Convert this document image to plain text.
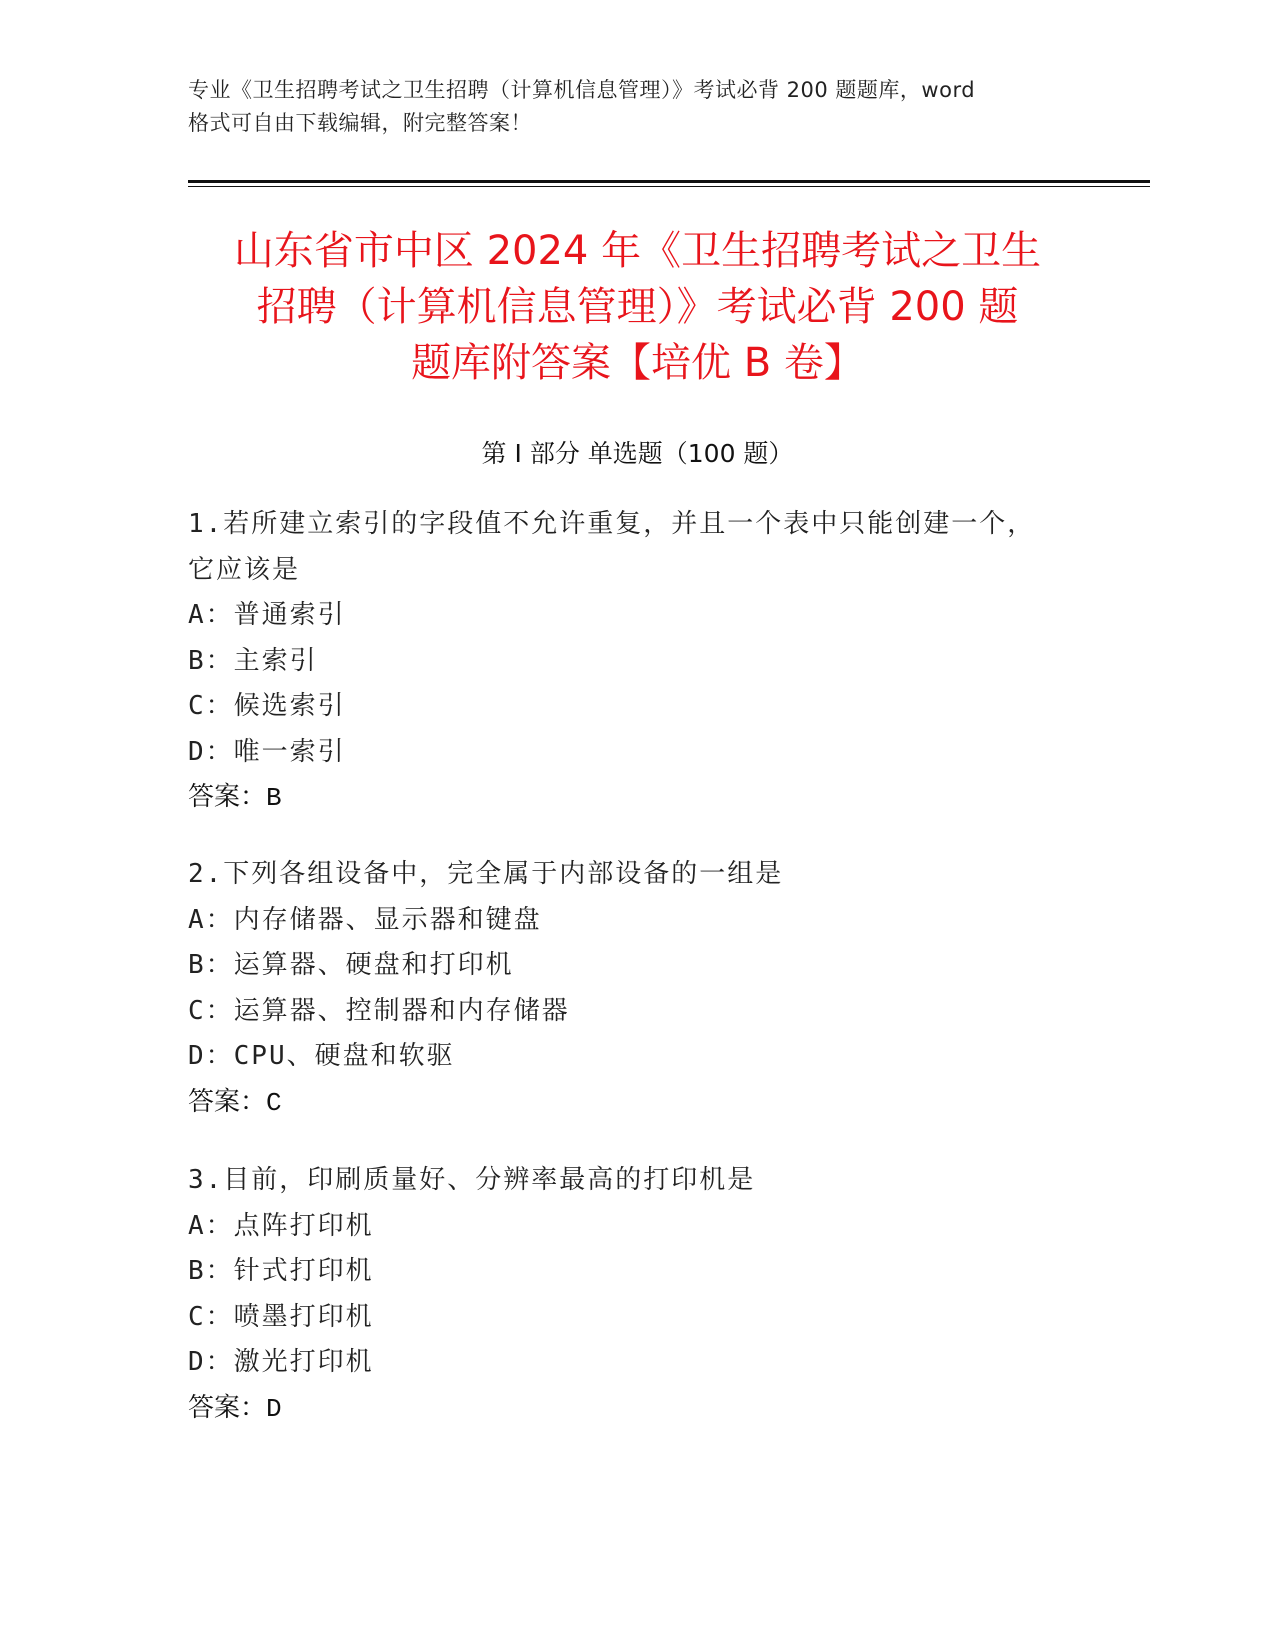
专业《卫生招聘考试之卫生招聘（计算机信息管理）》考试必背 200 题题库，word
格式可自由下载编辑，附完整答案！
山东省市中区 2024 年《卫生招聘考试之卫生
招聘（计算机信息管理）》考试必背 200 题
题库附答案【培优 B 卷】
第 I 部分 单选题（100 题）
1.若所建立索引的字段值不允许重复，并且一个表中只能创建一个，
它应该是
A：普通索引
B：主索引
C：候选索引
D：唯一索引
答案：B
2.下列各组设备中，完全属于内部设备的一组是
A：内存储器、显示器和键盘
B：运算器、硬盘和打印机
C：运算器、控制器和内存储器
D：CPU、硬盘和软驱
答案：C
3.目前，印刷质量好、分辨率最高的打印机是
A：点阵打印机
B：针式打印机
C：喷墨打印机
D：激光打印机
答案：D
